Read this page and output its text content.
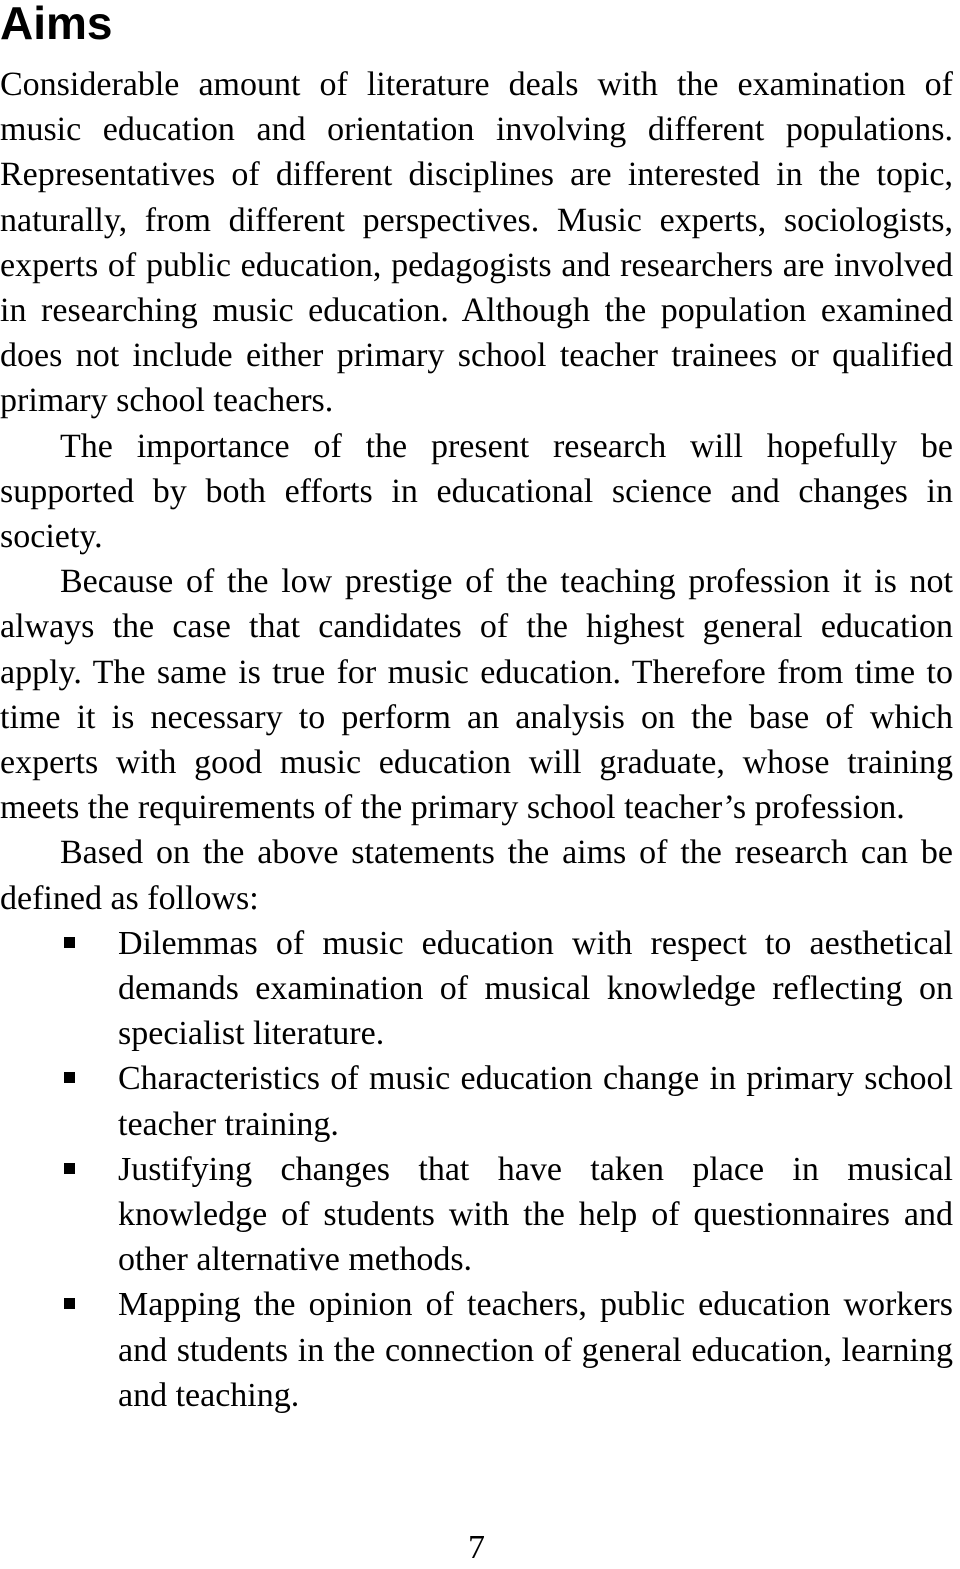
Aims

Considerable amount of literature deals with the examination of music education and orientation involving different populations. Representatives of different disciplines are interested in the topic, naturally, from different perspectives. Music experts, sociologists, experts of public education, pedagogists and researchers are involved in researching music education. Although the population examined does not include either primary school teacher trainees or qualified primary school teachers.

The importance of the present research will hopefully be supported by both efforts in educational science and changes in society.

Because of the low prestige of the teaching profession it is not always the case that candidates of the highest general education apply. The same is true for music education. Therefore from time to time it is necessary to perform an analysis on the base of which experts with good music education will graduate, whose training meets the requirements of the primary school teacher’s profession.

Based on the above statements the aims of the research can be defined as follows:

Dilemmas of music education with respect to aesthetical demands examination of musical knowledge reflecting on specialist literature.
Characteristics of music education change in primary school teacher training.
Justifying changes that have taken place in musical knowledge of students with the help of questionnaires and other alternative methods.
Mapping the opinion of teachers, public education workers and students in the connection of general education, learning and teaching.
7
